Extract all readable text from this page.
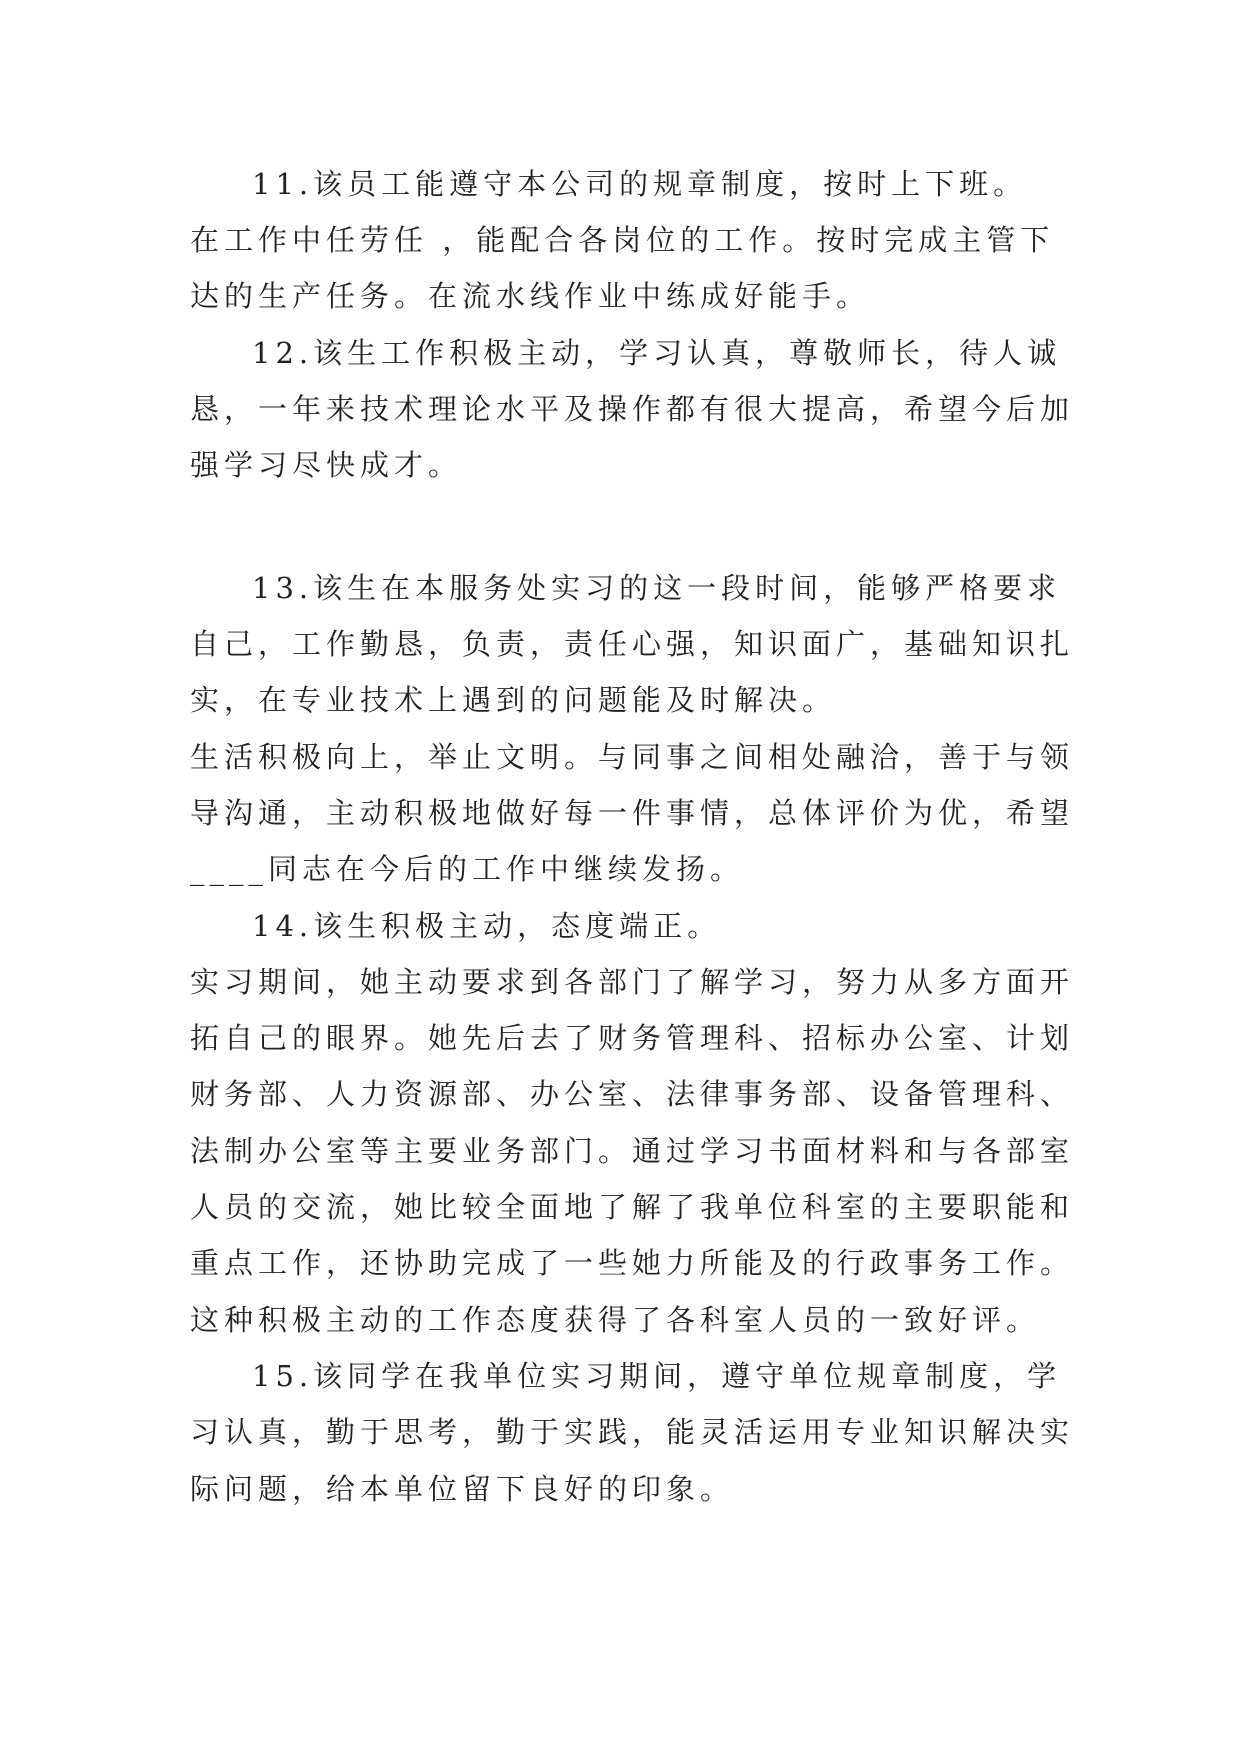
11.该员工能遵守本公司的规章制度，按时上下班。
在工作中任劳任 ，能配合各岗位的工作。按时完成主管下
达的生产任务。在流水线作业中练成好能手。
12.该生工作积极主动，学习认真，尊敬师长，待人诚
恳，一年来技术理论水平及操作都有很大提高，希望今后加
强学习尽快成才。
13.该生在本服务处实习的这一段时间，能够严格要求
自己，工作勤恳，负责，责任心强，知识面广，基础知识扎
实，在专业技术上遇到的问题能及时解决。
生活积极向上，举止文明。与同事之间相处融洽，善于与领
导沟通，主动积极地做好每一件事情，总体评价为优，希望
____同志在今后的工作中继续发扬。
14.该生积极主动，态度端正。
实习期间，她主动要求到各部门了解学习，努力从多方面开
拓自己的眼界。她先后去了财务管理科、招标办公室、计划
财务部、人力资源部、办公室、法律事务部、设备管理科、
法制办公室等主要业务部门。通过学习书面材料和与各部室
人员的交流，她比较全面地了解了我单位科室的主要职能和
重点工作，还协助完成了一些她力所能及的行政事务工作。
这种积极主动的工作态度获得了各科室人员的一致好评。
15.该同学在我单位实习期间，遵守单位规章制度，学
习认真，勤于思考，勤于实践，能灵活运用专业知识解决实
际问题，给本单位留下良好的印象。
